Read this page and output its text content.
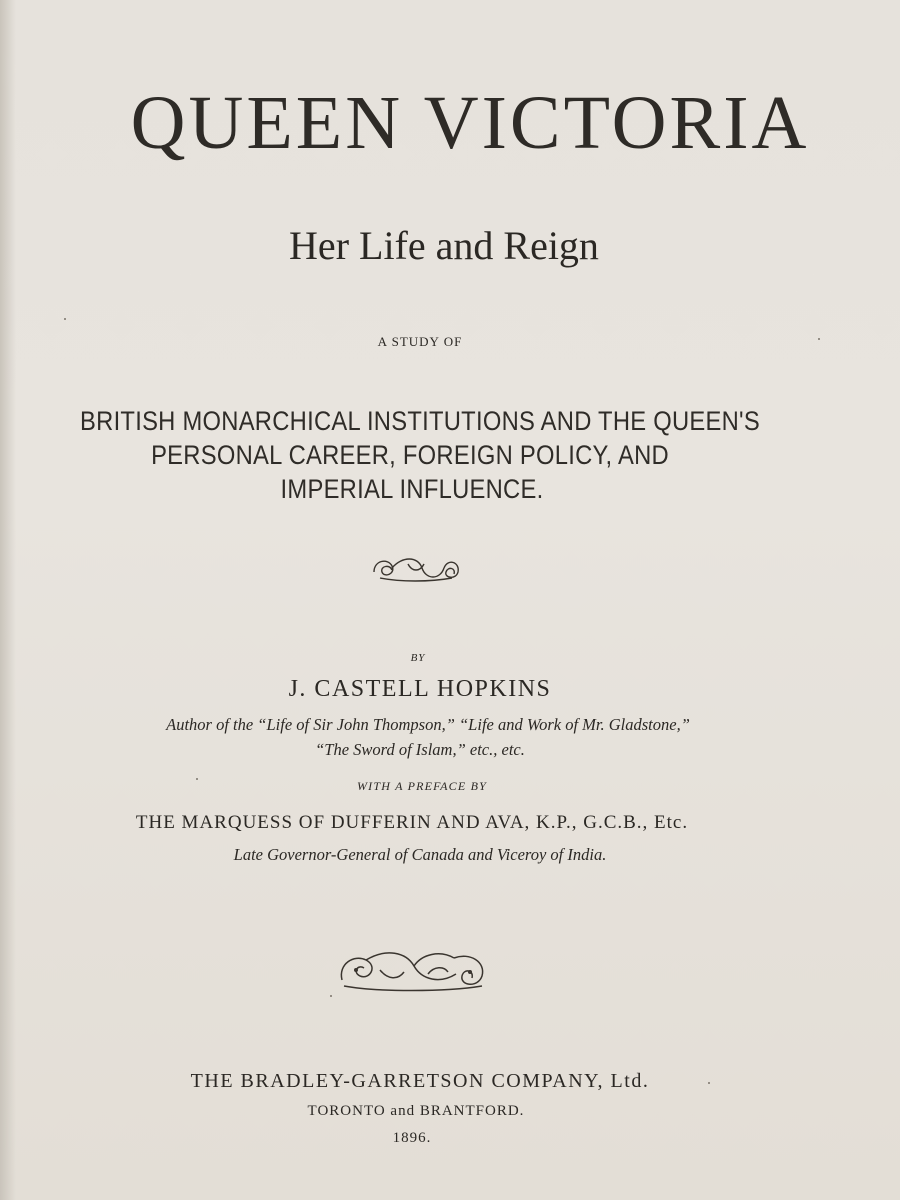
QUEEN VICTORIA
Her Life and Reign
A STUDY OF
BRITISH MONARCHICAL INSTITUTIONS AND THE QUEEN'S
PERSONAL CAREER, FOREIGN POLICY, AND
IMPERIAL INFLUENCE.
BY
J. CASTELL HOPKINS
Author of the “Life of Sir John Thompson,” “Life and Work of Mr. Gladstone,”
“The Sword of Islam,” etc., etc.
WITH A PREFACE BY
THE MARQUESS OF DUFFERIN AND AVA, K.P., G.C.B., Etc.
Late Governor-General of Canada and Viceroy of India.
THE BRADLEY-GARRETSON COMPANY, Ltd.
TORONTO and BRANTFORD.
1896.
